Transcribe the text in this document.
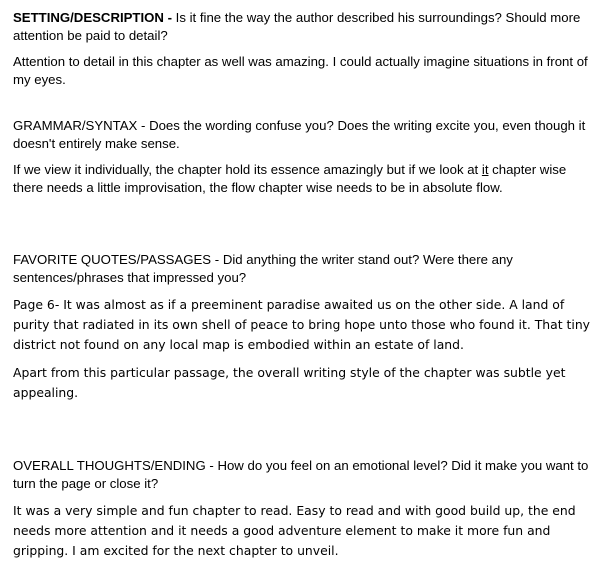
SETTING/DESCRIPTION - Is it fine the way the author described his surroundings? Should more attention be paid to detail?

Attention to detail in this chapter as well was amazing. I could actually imagine situations in front of my eyes.

GRAMMAR/SYNTAX - Does the wording confuse you? Does the writing excite you, even though it doesn't entirely make sense.

If we view it individually, the chapter hold its essence amazingly but if we look at it chapter wise there needs a little improvisation, the flow chapter wise needs to be in absolute flow.

FAVORITE QUOTES/PASSAGES - Did anything the writer stand out? Were there any sentences/phrases that impressed you?

Page 6- It was almost as if a preeminent paradise awaited us on the other side. A land of purity that radiated in its own shell of peace to bring hope unto those who found it. That tiny district not found on any local map is embodied within an estate of land.

Apart from this particular passage, the overall writing style of the chapter was subtle yet appealing.

OVERALL THOUGHTS/ENDING - How do you feel on an emotional level? Did it make you want to turn the page or close it?

It was a very simple and fun chapter to read. Easy to read and with good build up, the end needs more attention and it needs a good adventure element to make it more fun and gripping. I am excited for the next chapter to unveil.
